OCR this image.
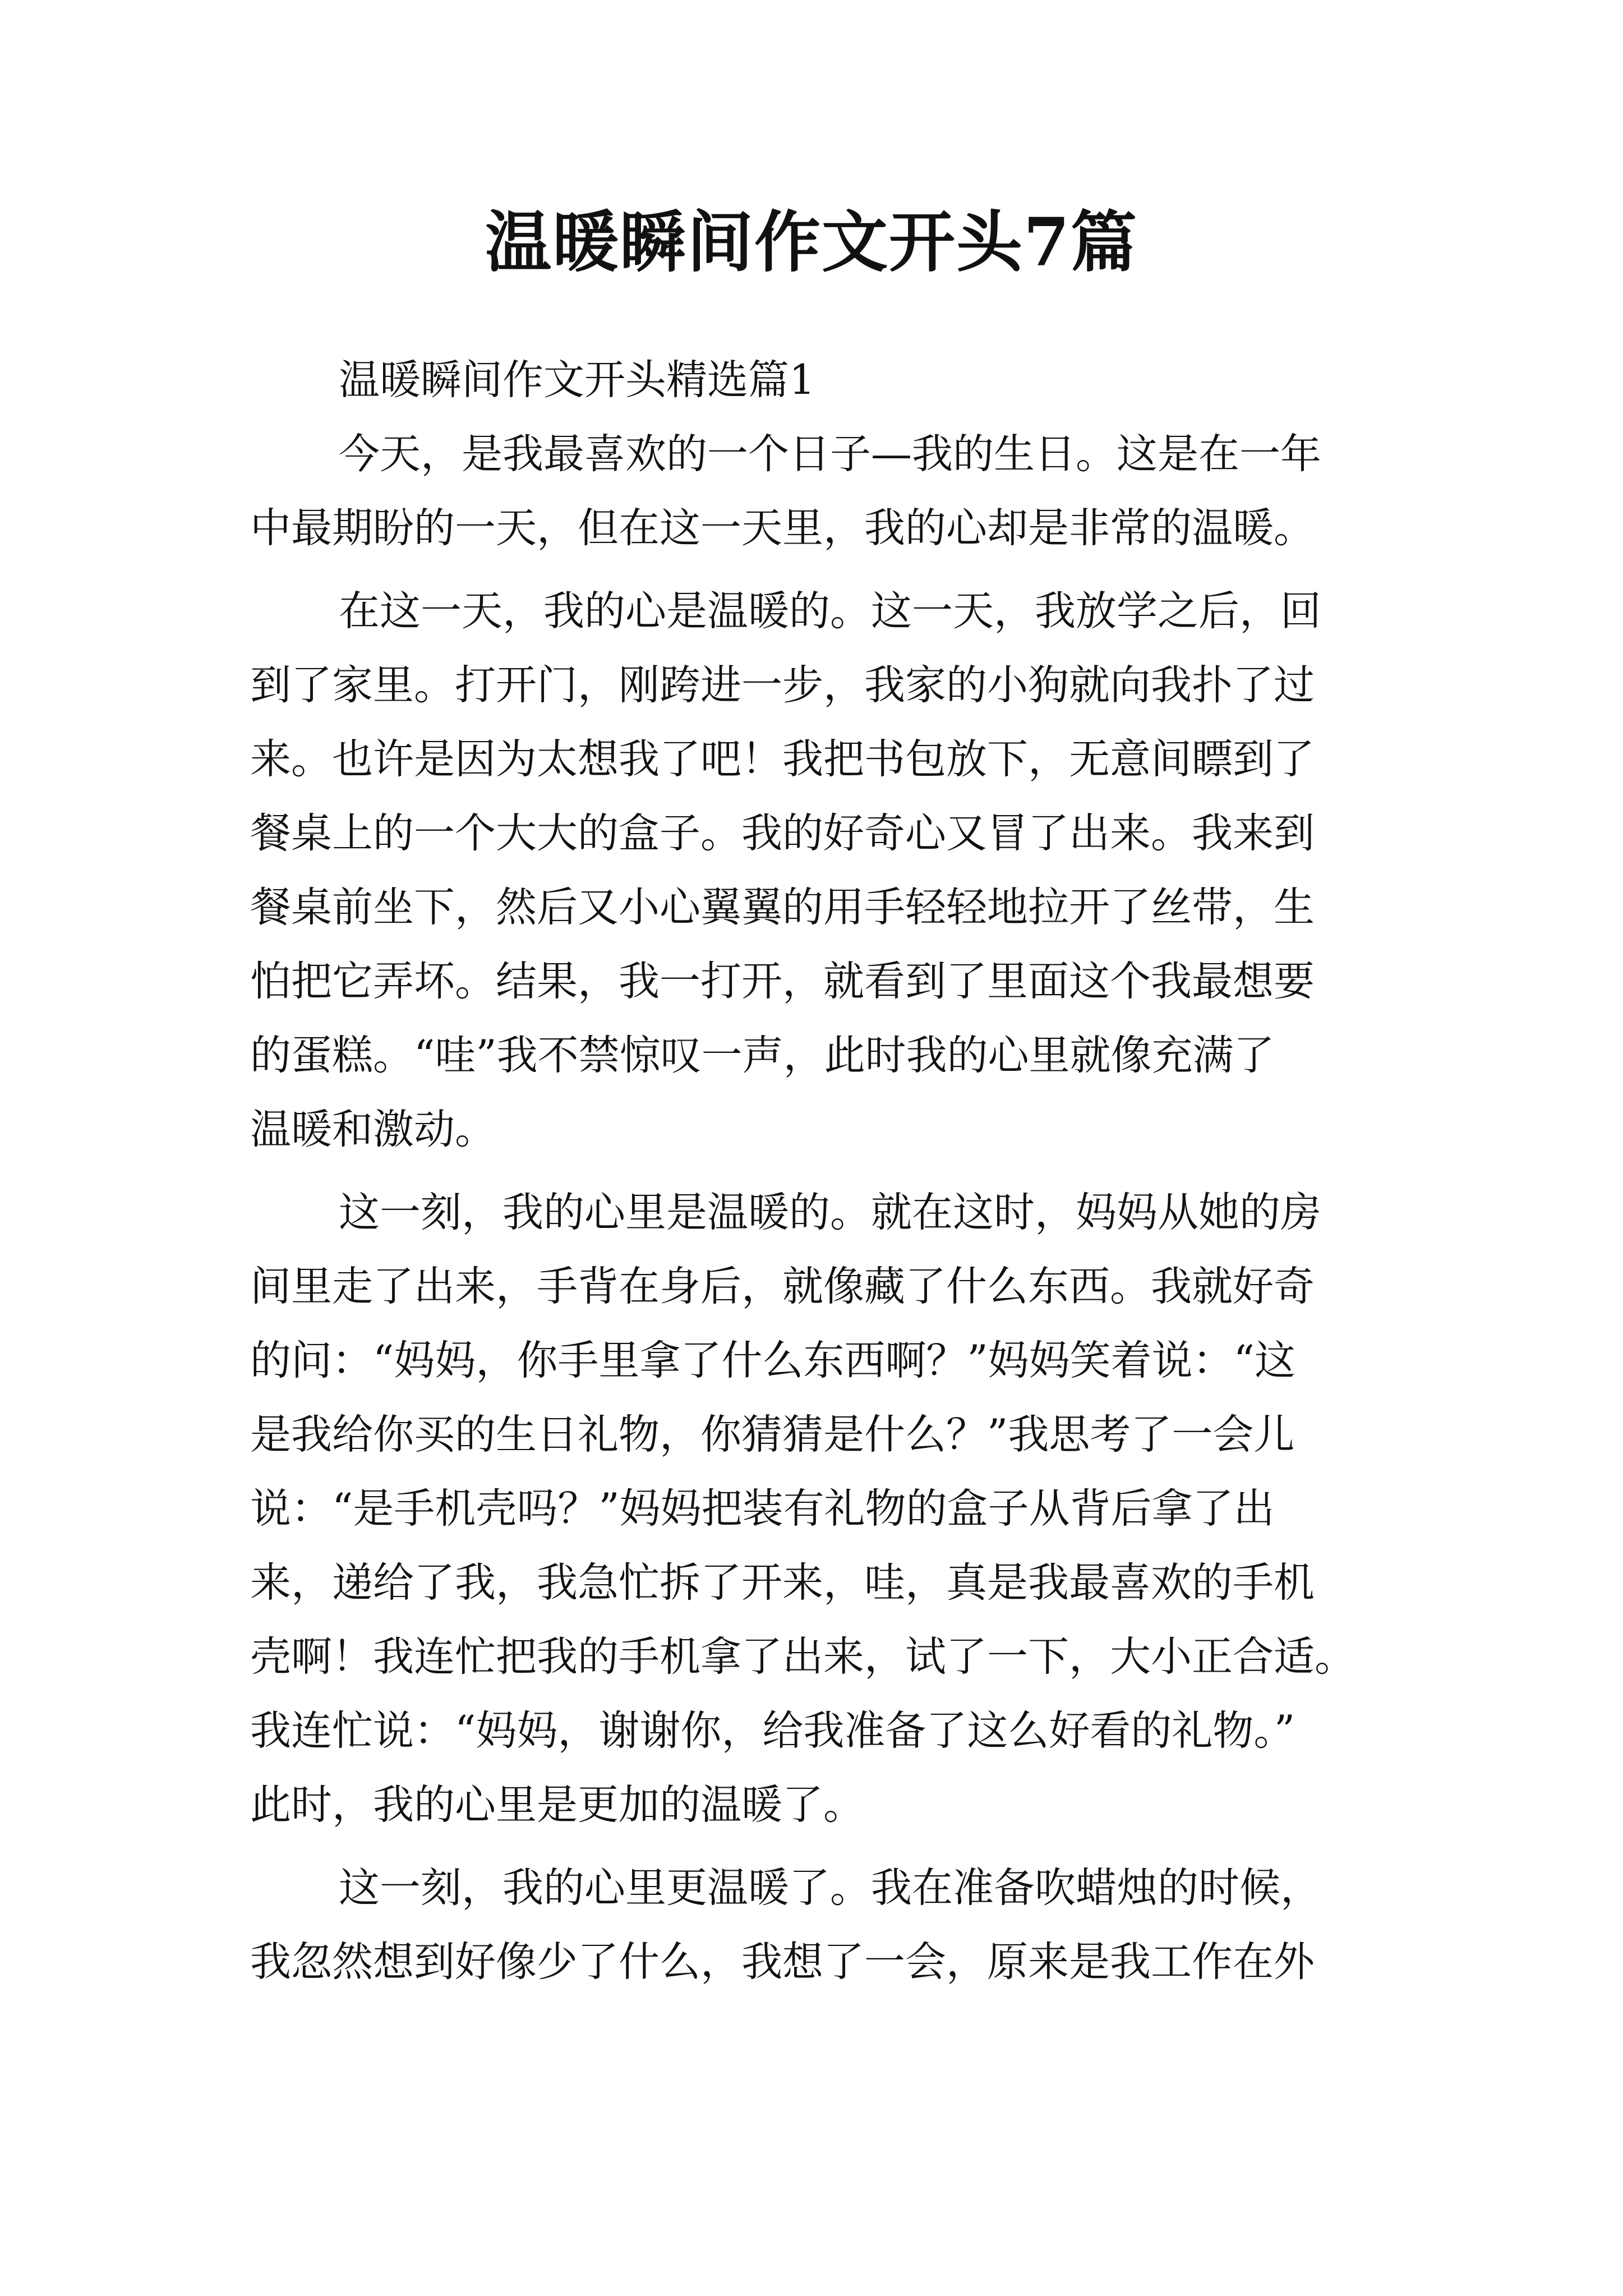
温暖瞬间作文开头7篇

温暖瞬间作文开头精选篇1

今天，是我最喜欢的一个日子—我的生日。这是在一年
中最期盼的一天，但在这一天里，我的心却是非常的温暖。

在这一天，我的心是温暖的。这一天，我放学之后，回
到了家里。打开门，刚跨进一步，我家的小狗就向我扑了过
来。也许是因为太想我了吧！我把书包放下，无意间瞟到了
餐桌上的一个大大的盒子。我的好奇心又冒了出来。我来到
餐桌前坐下，然后又小心翼翼的用手轻轻地拉开了丝带，生
怕把它弄坏。结果，我一打开，就看到了里面这个我最想要
的蛋糕。“哇”我不禁惊叹一声，此时我的心里就像充满了
温暖和激动。

这一刻，我的心里是温暖的。就在这时，妈妈从她的房
间里走了出来，手背在身后，就像藏了什么东西。我就好奇
的问：“妈妈，你手里拿了什么东西啊？”妈妈笑着说：“这
是我给你买的生日礼物，你猜猜是什么？”我思考了一会儿
说：“是手机壳吗？”妈妈把装有礼物的盒子从背后拿了出
来，递给了我，我急忙拆了开来，哇，真是我最喜欢的手机
壳啊！我连忙把我的手机拿了出来，试了一下，大小正合适。
我连忙说：“妈妈，谢谢你，给我准备了这么好看的礼物。”
此时，我的心里是更加的温暖了。

这一刻，我的心里更温暖了。我在准备吹蜡烛的时候，
我忽然想到好像少了什么，我想了一会，原来是我工作在外
